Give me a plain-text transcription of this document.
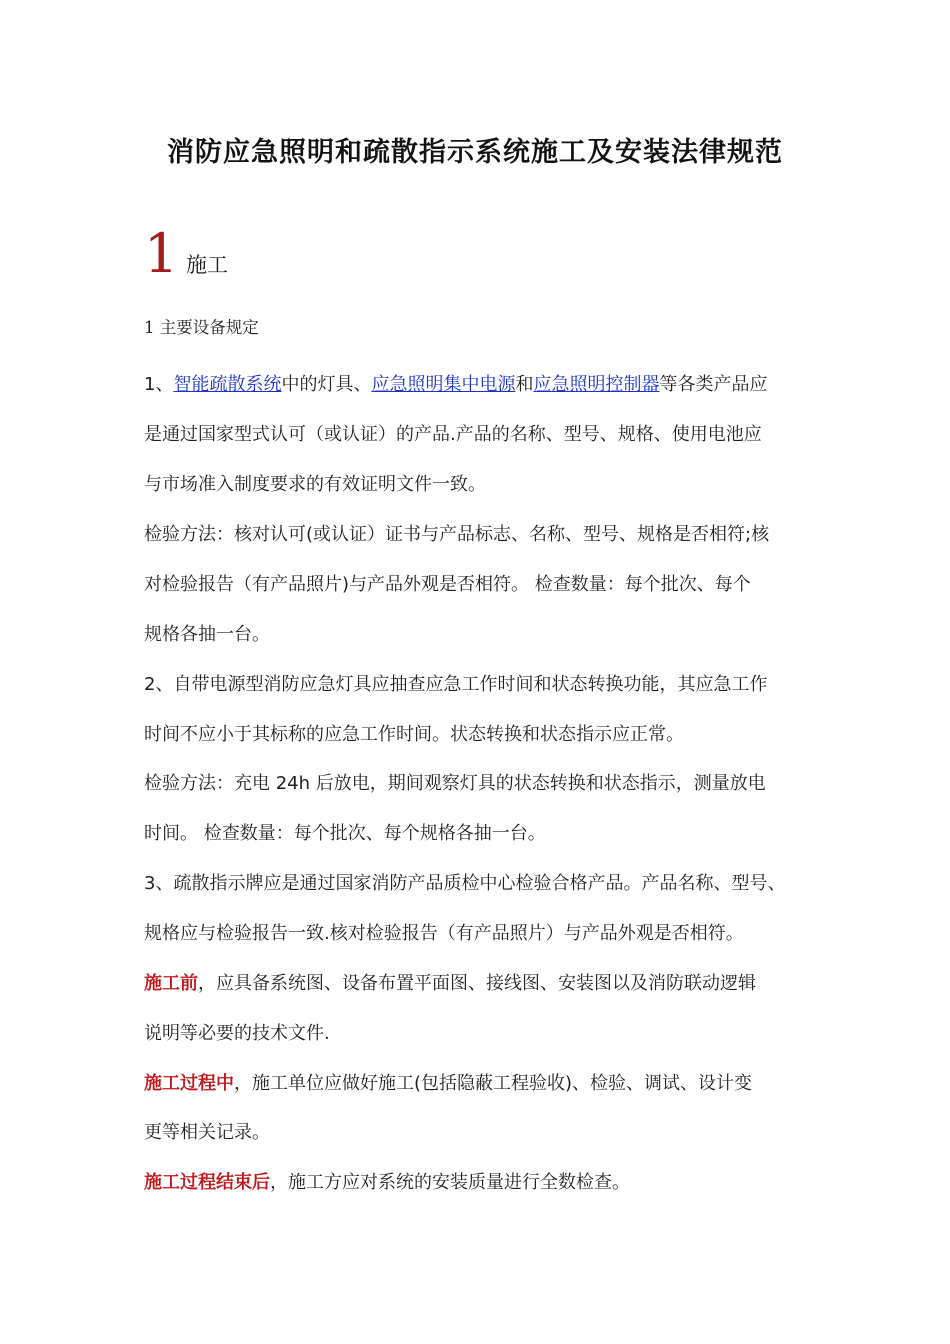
消防应急照明和疏散指示系统施工及安装法律规范
1 施工
1 主要设备规定
1、智能疏散系统中的灯具、应急照明集中电源和应急照明控制器等各类产品应
是通过国家型式认可（或认证）的产品.产品的名称、型号、规格、使用电池应
与市场准入制度要求的有效证明文件一致。
检验方法：核对认可(或认证）证书与产品标志、名称、型号、规格是否相符;核
对检验报告（有产品照片)与产品外观是否相符。 检查数量：每个批次、每个
规格各抽一台。
2、自带电源型消防应急灯具应抽查应急工作时间和状态转换功能，其应急工作
时间不应小于其标称的应急工作时间。状态转换和状态指示应正常。
检验方法：充电 24h 后放电，期间观察灯具的状态转换和状态指示，测量放电
时间。 检查数量：每个批次、每个规格各抽一台。
3、疏散指示牌应是通过国家消防产品质检中心检验合格产品。产品名称、型号、
规格应与检验报告一致.核对检验报告（有产品照片）与产品外观是否相符。
施工前，应具备系统图、设备布置平面图、接线图、安装图以及消防联动逻辑
说明等必要的技术文件.
施工过程中，施工单位应做好施工(包括隐蔽工程验收)、检验、调试、设计变
更等相关记录。
施工过程结束后，施工方应对系统的安装质量进行全数检查。
